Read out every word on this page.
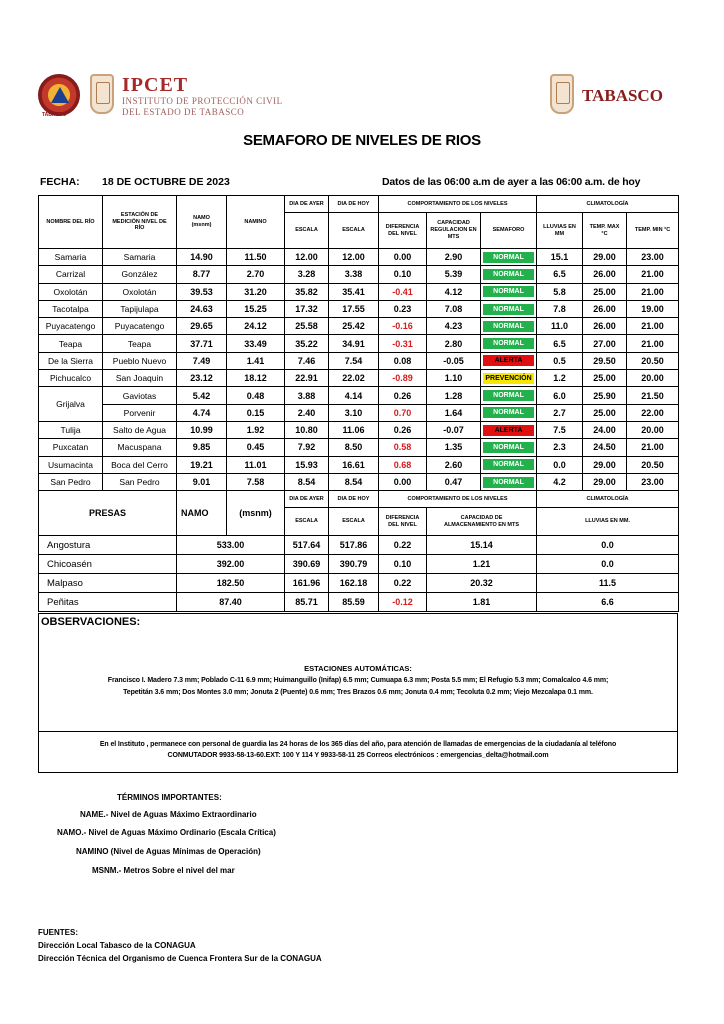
TABASCO
IPCET
INSTITUTO DE PROTECCIÓN CIVIL
DEL ESTADO DE TABASCO
TABASCO
SEMAFORO DE NIVELES DE RIOS
FECHA: 18 DE OCTUBRE DE 2023	Datos de las 06:00 a.m de ayer a las 06:00 a.m. de hoy
NOMBRE DEL RÍO	ESTACIÓN DE MEDICIÓN NIVEL DE RÍO	NAMO (msnm)	NAMINO	DIA DE AYER	DIA DE HOY	COMPORTAMIENTO DE LOS NIVELES			CLIMATOLOGÍA		
				ESCALA	ESCALA	DIFERENCIA DEL NIVEL	CAPACIDAD REGULACION EN MTS	SEMAFORO	LLUVIAS EN MM	TEMP. MAX °C	TEMP. MIN °C
Samaria	Samaria	14.90	11.50	12.00	12.00	0.00	2.90	NORMAL	15.1	29.00	23.00
Carrizal	González	8.77	2.70	3.28	3.38	0.10	5.39	NORMAL	6.5	26.00	21.00
Oxolotán	Oxolotán	39.53	31.20	35.82	35.41	-0.41	4.12	NORMAL	5.8	25.00	21.00
Tacotalpa	Tapijulapa	24.63	15.25	17.32	17.55	0.23	7.08	NORMAL	7.8	26.00	19.00
Puyacatengo	Puyacatengo	29.65	24.12	25.58	25.42	-0.16	4.23	NORMAL	11.0	26.00	21.00
Teapa	Teapa	37.71	33.49	35.22	34.91	-0.31	2.80	NORMAL	6.5	27.00	21.00
De la Sierra	Pueblo Nuevo	7.49	1.41	7.46	7.54	0.08	-0.05	ALERTA	0.5	29.50	20.50
Pichucalco	San Joaquin	23.12	18.12	22.91	22.02	-0.89	1.10	PREVENCIÓN	1.2	25.00	20.00
Grijalva	Gaviotas	5.42	0.48	3.88	4.14	0.26	1.28	NORMAL	6.0	25.90	21.50
	Porvenir	4.74	0.15	2.40	3.10	0.70	1.64	NORMAL	2.7	25.00	22.00
Tulija	Salto de Agua	10.99	1.92	10.80	11.06	0.26	-0.07	ALERTA	7.5	24.00	20.00
Puxcatan	Macuspana	9.85	0.45	7.92	8.50	0.58	1.35	NORMAL	2.3	24.50	21.00
Usumacinta	Boca del Cerro	19.21	11.01	15.93	16.61	0.68	2.60	NORMAL	0.0	29.00	20.50
San Pedro	San Pedro	9.01	7.58	8.54	8.54	0.00	0.47	NORMAL	4.2	29.00	23.00
PRESAS		NAMO	(msnm)	DIA DE AYER	DIA DE HOY	COMPORTAMIENTO DE LOS NIVELES			CLIMATOLOGÍA		
				ESCALA	ESCALA	DIFERENCIA DEL NIVEL	CAPACIDAD DE ALMACENAMIENTO EN MTS		LLUVIAS EN MM.		
Angostura		533.00		517.64	517.86	0.22	15.14		0.0		
Chicoasén		392.00		390.69	390.79	0.10	1.21		0.0		
Malpaso		182.50		161.96	162.18	0.22	20.32		11.5		
Peñitas		87.40		85.71	85.59	-0.12	1.81		6.6		
OBSERVACIONES:
ESTACIONES AUTOMÁTICAS:
Francisco I. Madero 7.3 mm; Poblado C-11 6.9 mm; Huimanguillo (Inifap) 6.5 mm; Cumuapa 6.3 mm; Posta 5.5 mm; El Refugio 5.3 mm; Comalcalco 4.6 mm;
Tepetitán 3.6 mm; Dos Montes 3.0 mm; Jonuta 2 (Puente) 0.6 mm; Tres Brazos 0.6 mm; Jonuta 0.4 mm; Tecoluta 0.2 mm; Viejo Mezcalapa 0.1 mm.
En el Instituto , permanece con personal de guardia las 24 horas de los 365 días del año, para atención de llamadas de emergencias de la ciudadanía al teléfono
CONMUTADOR 9933-58-13-60.EXT: 100 Y 114 Y 9933-58-11 25 Correos electrónicos : emergencias_delta@hotmail.com
TÉRMINOS IMPORTANTES:
NAME.- Nivel de Aguas Máximo Extraordinario
NAMO.- Nivel de Aguas Máximo Ordinario (Escala Crítica)
NAMINO (Nivel de Aguas Mínimas de Operación)
MSNM.- Metros Sobre el nivel del mar
FUENTES:
Dirección Local Tabasco de la CONAGUA
Dirección Técnica del Organismo de Cuenca Frontera Sur de la CONAGUA
